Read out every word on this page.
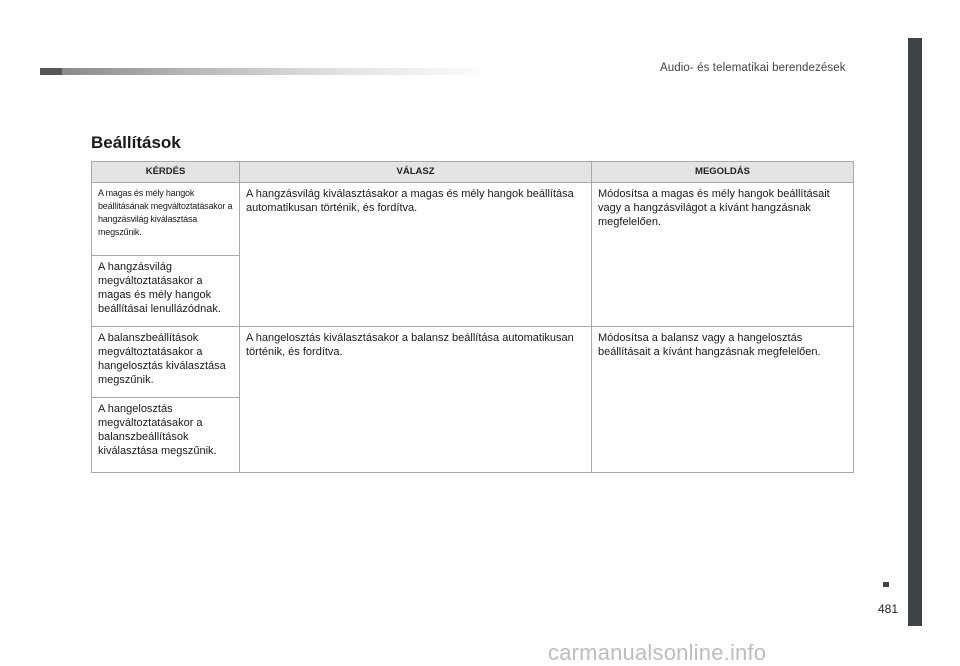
Audio- és telematikai berendezések
481
Beállítások
KÉRDÉS	VÁLASZ	MEGOLDÁS
A magas és mély hangok beállításának megváltoztatásakor a hangzásvilág kiválasztása megszűnik.	A hangzásvilág kiválasztásakor a magas és mély hangok beállítása automatikusan történik, és fordítva.	Módosítsa a magas és mély hangok beállításait vagy a hangzásvilágot a kívánt hangzásnak megfelelően.
A hangzásvilág megváltoztatásakor a magas és mély hangok beállításai lenullázódnak.		
A balanszbeállítások megváltoztatásakor a hangelosztás kiválasztása megszűnik.	A hangelosztás kiválasztásakor a balansz beállítása automatikusan történik, és fordítva.	Módosítsa a balansz vagy a hangelosztás beállításait a kívánt hangzásnak megfelelően.
A hangelosztás megváltoztatásakor a balanszbeállítások kiválasztása megszűnik.		
carmanualsonline.info
